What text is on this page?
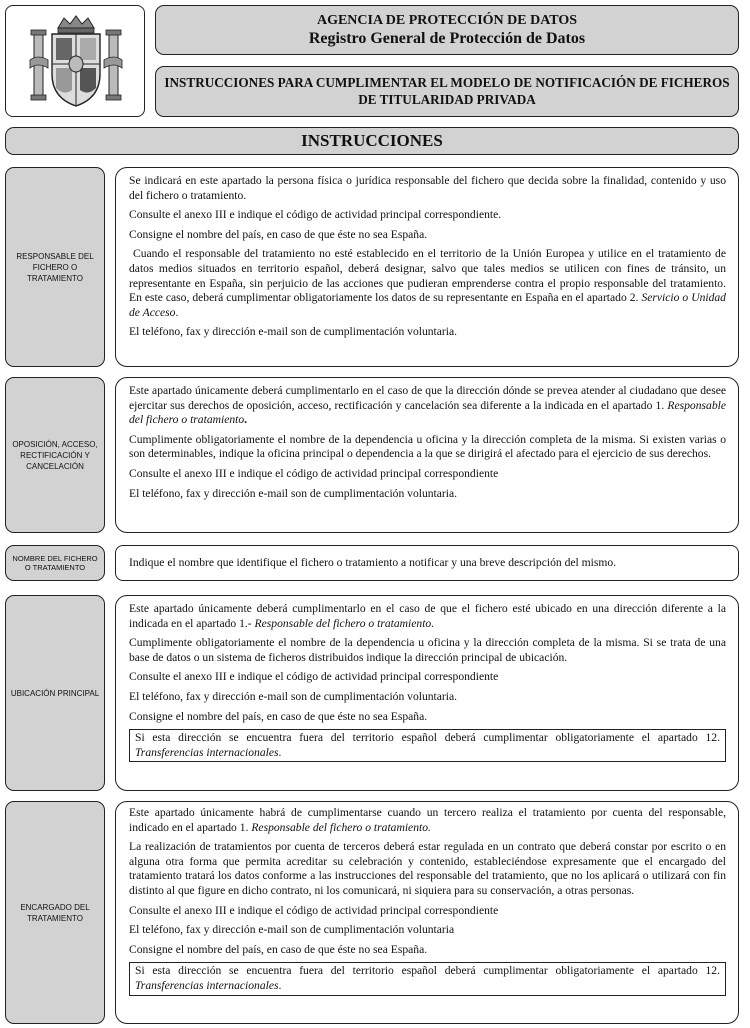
AGENCIA DE PROTECCIÓN DE DATOS
Registro General de Protección de Datos
INSTRUCCIONES PARA CUMPLIMENTAR EL MODELO DE NOTIFICACIÓN DE FICHEROS DE TITULARIDAD PRIVADA
INSTRUCCIONES
RESPONSABLE DEL FICHERO O TRATAMIENTO

Se indicará en este apartado la persona física o jurídica responsable del fichero que decida sobre la finalidad, contenido y uso del fichero o tratamiento.

Consulte el anexo III e indique el código de actividad principal correspondiente.

Consigne el nombre del país, en caso de que éste no sea España.

Cuando el responsable del tratamiento no esté establecido en el territorio de la Unión Europea y utilice en el tratamiento de datos medios situados en territorio español, deberá designar, salvo que tales medios se utilicen con fines de tránsito, un representante en España, sin perjuicio de las acciones que pudieran emprenderse contra el propio responsable del tratamiento. En este caso, deberá cumplimentar obligatoriamente los datos de su representante en España en el apartado 2. Servicio o Unidad de Acceso.

El teléfono, fax y dirección e-mail son de cumplimentación voluntaria.

OPOSICIÓN, ACCESO, RECTIFICACIÓN Y CANCELACIÓN

Este apartado únicamente deberá cumplimentarlo en el caso de que la dirección dónde se prevea atender al ciudadano que desee ejercitar sus derechos de oposición, acceso, rectificación y cancelación sea diferente a la indicada en el apartado 1. Responsable del fichero o tratamiento.

Cumplimente obligatoriamente el nombre de la dependencia u oficina y la dirección completa de la misma. Si existen varias o son determinables, indique la oficina principal o dependencia a la que se dirigirá el afectado para el ejercicio de sus derechos.

Consulte el anexo III e indique el código de actividad principal correspondiente

El teléfono, fax y dirección e-mail son de cumplimentación voluntaria.

NOMBRE DEL FICHERO O TRATAMIENTO	Indique el nombre que identifique el fichero o tratamiento a notificar y una breve descripción del mismo.

UBICACIÓN PRINCIPAL

Este apartado únicamente deberá cumplimentarlo en el caso de que el fichero esté ubicado en una dirección diferente a la indicada en el apartado 1.- Responsable del fichero o tratamiento.

Cumplimente obligatoriamente el nombre de la dependencia u oficina y la dirección completa de la misma. Si se trata de una base de datos o un sistema de ficheros distribuidos indique la dirección principal de ubicación.

Consulte el anexo III e indique el código de actividad principal correspondiente

El teléfono, fax y dirección e-mail son de cumplimentación voluntaria.

Consigne el nombre del país, en caso de que éste no sea España.

Si esta dirección se encuentra fuera del territorio español deberá cumplimentar obligatoriamente el apartado 12. Transferencias internacionales.
ENCARGADO DEL TRATAMIENTO

Este apartado únicamente habrá de cumplimentarse cuando un tercero realiza el tratamiento por cuenta del responsable, indicado en el apartado 1. Responsable del fichero o tratamiento.

La realización de tratamientos por cuenta de terceros deberá estar regulada en un contrato que deberá constar por escrito o en alguna otra forma que permita acreditar su celebración y contenido, estableciéndose expresamente que el encargado del tratamiento tratará los datos conforme a las instrucciones del responsable del tratamiento, que no los aplicará o utilizará con fin distinto al que figure en dicho contrato, ni los comunicará, ni siquiera para su conservación, a otras personas.

Consulte el anexo III e indique el código de actividad principal correspondiente

El teléfono, fax y dirección e-mail son de cumplimentación voluntaria

Consigne el nombre del país, en caso de que éste no sea España.

Si esta dirección se encuentra fuera del territorio español deberá cumplimentar obligatoriamente el apartado 12. Transferencias internacionales.
